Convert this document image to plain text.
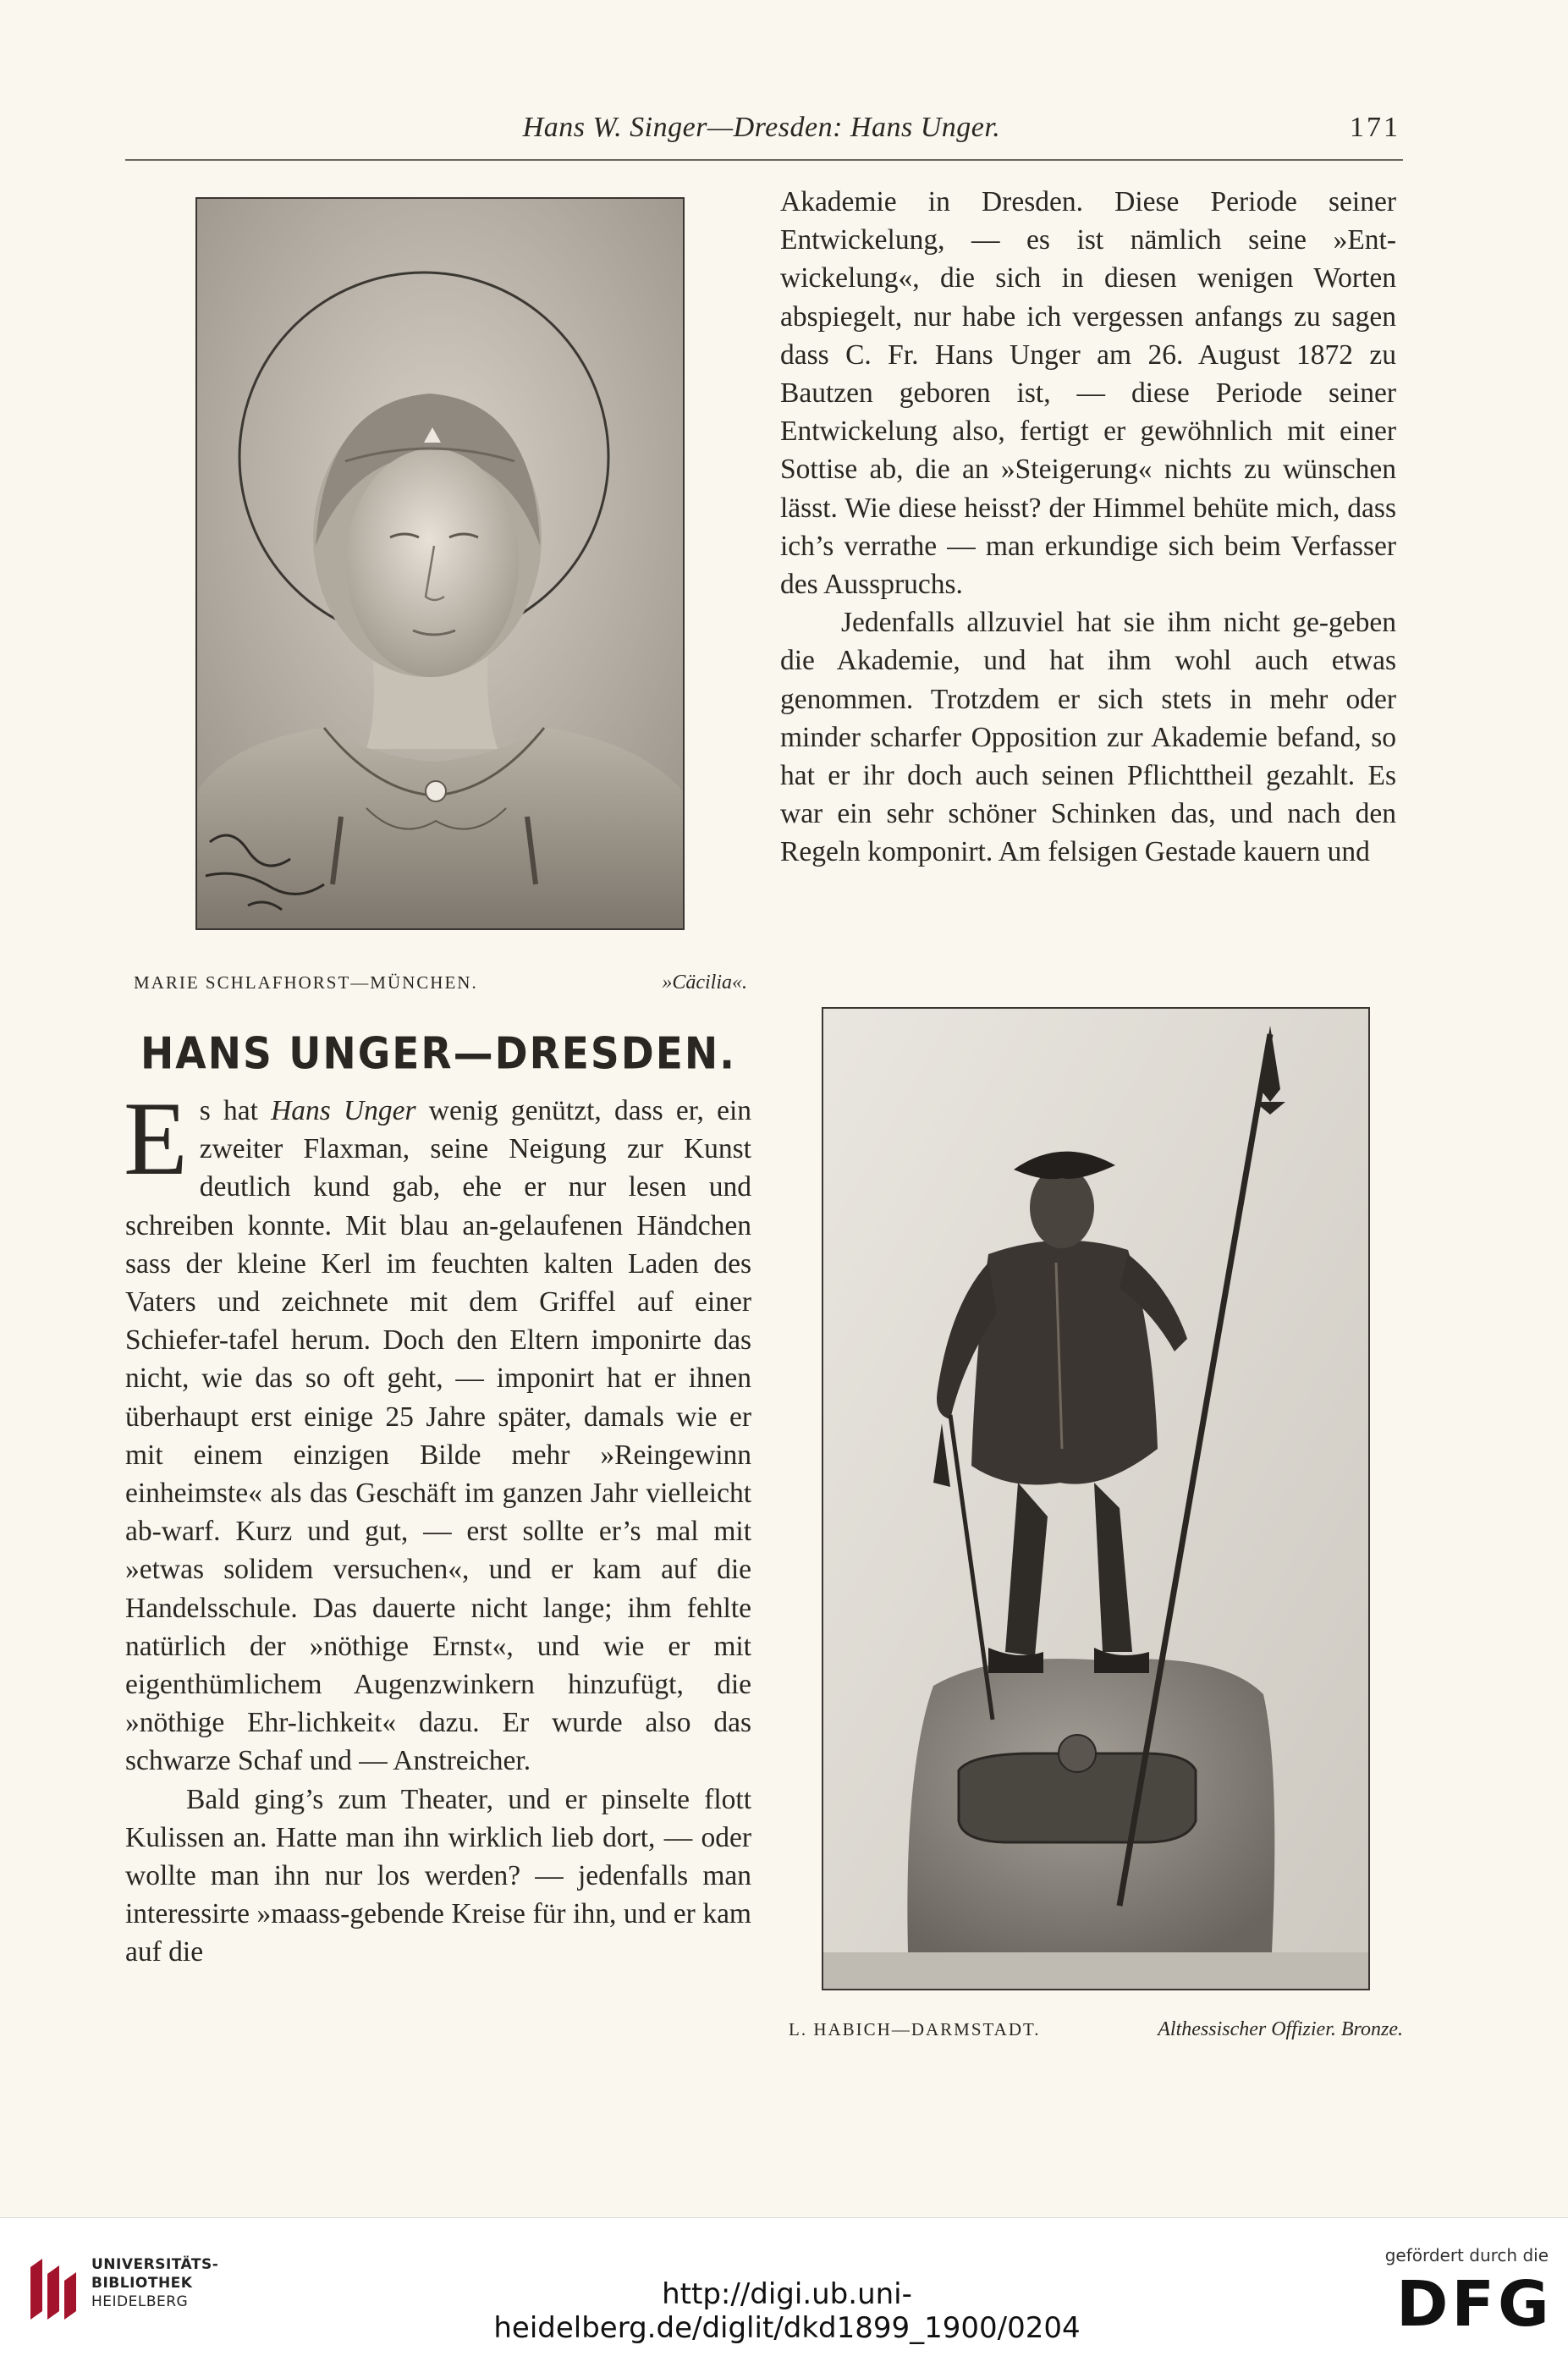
Hans W. Singer—Dresden: Hans Unger.	171
MARIE SCHLAFHORST—MÜNCHEN.	»Cäcilia«.

Akademie in Dresden. Diese Periode seiner Entwickelung, — es ist nämlich seine »Ent-wickelung«, die sich in diesen wenigen Worten abspiegelt, nur habe ich vergessen anfangs zu sagen dass C. Fr. Hans Unger am 26. August 1872 zu Bautzen geboren ist, — diese Periode seiner Entwickelung also, fertigt er gewöhnlich mit einer Sottise ab, die an »Steigerung« nichts zu wünschen lässt. Wie diese heisst? der Himmel behüte mich, dass ich’s verrathe — man erkundige sich beim Verfasser des Ausspruchs.

Jedenfalls allzuviel hat sie ihm nicht ge-geben die Akademie, und hat ihm wohl auch etwas genommen. Trotzdem er sich stets in mehr oder minder scharfer Opposition zur Akademie befand, so hat er ihr doch auch seinen Pflichttheil gezahlt. Es war ein sehr schöner Schinken das, und nach den Regeln komponirt. Am felsigen Gestade kauern und

HANS UNGER—DRESDEN.

Es hat Hans Unger wenig genützt, dass er, ein zweiter Flaxman, seine Neigung zur Kunst deutlich kund gab, ehe er nur lesen und schreiben konnte. Mit blau an-gelaufenen Händchen sass der kleine Kerl im feuchten kalten Laden des Vaters und zeichnete mit dem Griffel auf einer Schiefer-tafel herum. Doch den Eltern imponirte das nicht, wie das so oft geht, — imponirt hat er ihnen überhaupt erst einige 25 Jahre später, damals wie er mit einem einzigen Bilde mehr »Reingewinn einheimste« als das Geschäft im ganzen Jahr vielleicht ab-warf. Kurz und gut, — erst sollte er’s mal mit »etwas solidem versuchen«, und er kam auf die Handelsschule. Das dauerte nicht lange; ihm fehlte natürlich der »nöthige Ernst«, und wie er mit eigenthümlichem Augenzwinkern hinzufügt, die »nöthige Ehr-lichkeit« dazu. Er wurde also das schwarze Schaf und — Anstreicher.

Bald ging’s zum Theater, und er pinselte flott Kulissen an. Hatte man ihn wirklich lieb dort, — oder wollte man ihn nur los werden? — jedenfalls man interessirte »maass-gebende Kreise für ihn, und er kam auf die

L. HABICH—DARMSTADT.	Althessischer Offizier. Bronze.
UNIVERSITÄTS-
BIBLIOTHEK
HEIDELBERG	http://digi.ub.uni-heidelberg.de/diglit/dkd1899_1900/0204
gefördert durch die
DFG
